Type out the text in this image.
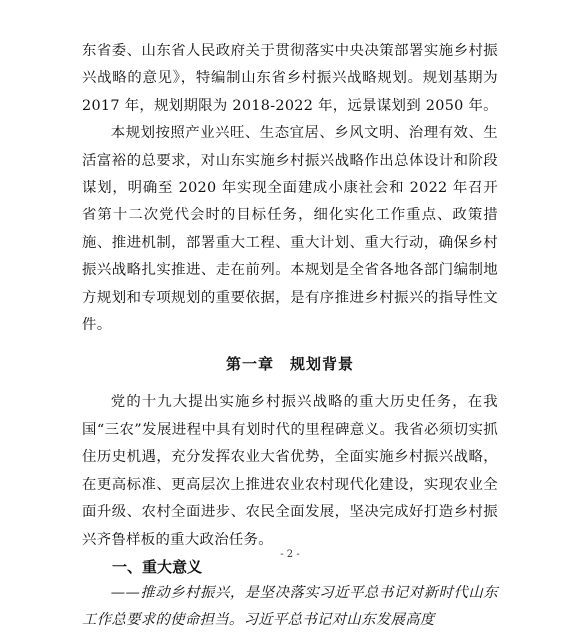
东省委、山东省人民政府关于贯彻落实中央决策部署实施乡村振兴战略的意见》，特编制山东省乡村振兴战略规划。规划基期为 2017 年，规划期限为 2018-2022 年，远景谋划到 2050 年。

本规划按照产业兴旺、生态宜居、乡风文明、治理有效、生活富裕的总要求，对山东实施乡村振兴战略作出总体设计和阶段谋划，明确至 2020 年实现全面建成小康社会和 2022 年召开省第十二次党代会时的目标任务，细化实化工作重点、政策措施、推进机制，部署重大工程、重大计划、重大行动，确保乡村振兴战略扎实推进、走在前列。本规划是全省各地各部门编制地方规划和专项规划的重要依据，是有序推进乡村振兴的指导性文件。

第一章　规划背景

党的十九大提出实施乡村振兴战略的重大历史任务，在我国“三农”发展进程中具有划时代的里程碑意义。我省必须切实抓住历史机遇，充分发挥农业大省优势，全面实施乡村振兴战略，在更高标准、更高层次上推进农业农村现代化建设，实现农业全面升级、农村全面进步、农民全面发展，坚决完成好打造乡村振兴齐鲁样板的重大政治任务。

一、重大意义

——推动乡村振兴，是坚决落实习近平总书记对新时代山东工作总要求的使命担当。习近平总书记对山东发展高度

- 2 -
